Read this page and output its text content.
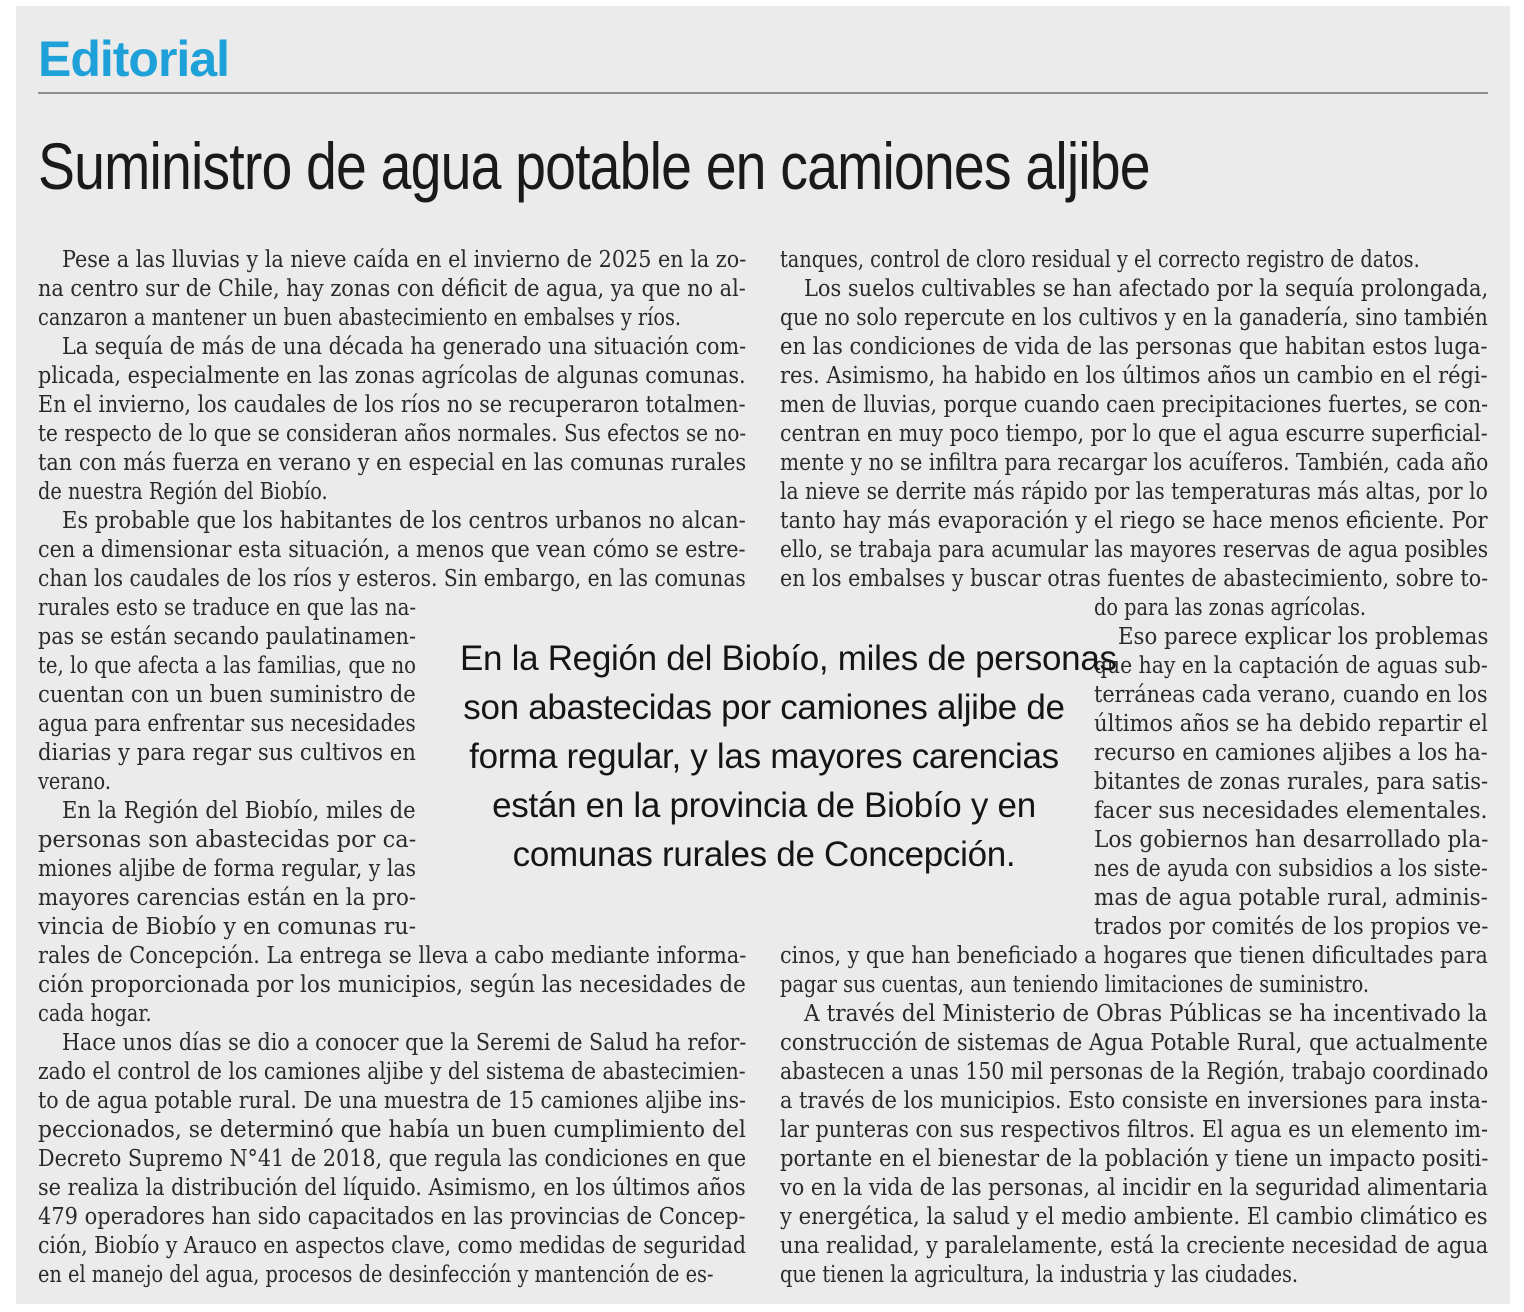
Editorial
Suministro de agua potable en camiones aljibe
Pese a las lluvias y la nieve caída en el invierno de 2025 en la zo-
na centro sur de Chile, hay zonas con déficit de agua, ya que no al-
canzaron a mantener un buen abastecimiento en embalses y ríos.
La sequía de más de una década ha generado una situación com-
plicada, especialmente en las zonas agrícolas de algunas comunas.
En el invierno, los caudales de los ríos no se recuperaron totalmen-
te respecto de lo que se consideran años normales. Sus efectos se no-
tan con más fuerza en verano y en especial en las comunas rurales
de nuestra Región del Biobío.
Es probable que los habitantes de los centros urbanos no alcan-
cen a dimensionar esta situación, a menos que vean cómo se estre-
chan los caudales de los ríos y esteros. Sin embargo, en las comunas
rurales esto se traduce en que las na-
pas se están secando paulatinamen-
te, lo que afecta a las familias, que no
cuentan con un buen suministro de
agua para enfrentar sus necesidades
diarias y para regar sus cultivos en
verano.
En la Región del Biobío, miles de
personas son abastecidas por ca-
miones aljibe de forma regular, y las
mayores carencias están en la pro-
vincia de Biobío y en comunas ru-
rales de Concepción. La entrega se lleva a cabo mediante informa-
ción proporcionada por los municipios, según las necesidades de
cada hogar.
Hace unos días se dio a conocer que la Seremi de Salud ha refor-
zado el control de los camiones aljibe y del sistema de abastecimien-
to de agua potable rural. De una muestra de 15 camiones aljibe ins-
peccionados, se determinó que había un buen cumplimiento del
Decreto Supremo N°41 de 2018, que regula las condiciones en que
se realiza la distribución del líquido. Asimismo, en los últimos años
479 operadores han sido capacitados en las provincias de Concep-
ción, Biobío y Arauco en aspectos clave, como medidas de seguridad
en el manejo del agua, procesos de desinfección y mantención de es-
tanques, control de cloro residual y el correcto registro de datos.
Los suelos cultivables se han afectado por la sequía prolongada,
que no solo repercute en los cultivos y en la ganadería, sino también
en las condiciones de vida de las personas que habitan estos luga-
res. Asimismo, ha habido en los últimos años un cambio en el régi-
men de lluvias, porque cuando caen precipitaciones fuertes, se con-
centran en muy poco tiempo, por lo que el agua escurre superficial-
mente y no se infiltra para recargar los acuíferos. También, cada año
la nieve se derrite más rápido por las temperaturas más altas, por lo
tanto hay más evaporación y el riego se hace menos eficiente. Por
ello, se trabaja para acumular las mayores reservas de agua posibles
en los embalses y buscar otras fuentes de abastecimiento, sobre to-
do para las zonas agrícolas.
Eso parece explicar los problemas
que hay en la captación de aguas sub-
terráneas cada verano, cuando en los
últimos años se ha debido repartir el
recurso en camiones aljibes a los ha-
bitantes de zonas rurales, para satis-
facer sus necesidades elementales.
Los gobiernos han desarrollado pla-
nes de ayuda con subsidios a los siste-
mas de agua potable rural, adminis-
trados por comités de los propios ve-
cinos, y que han beneficiado a hogares que tienen dificultades para
pagar sus cuentas, aun teniendo limitaciones de suministro.
A través del Ministerio de Obras Públicas se ha incentivado la
construcción de sistemas de Agua Potable Rural, que actualmente
abastecen a unas 150 mil personas de la Región, trabajo coordinado
a través de los municipios. Esto consiste en inversiones para insta-
lar punteras con sus respectivos filtros. El agua es un elemento im-
portante en el bienestar de la población y tiene un impacto positi-
vo en la vida de las personas, al incidir en la seguridad alimentaria
y energética, la salud y el medio ambiente. El cambio climático es
una realidad, y paralelamente, está la creciente necesidad de agua
que tienen la agricultura, la industria y las ciudades.
En la Región del Biobío, miles de personas
son abastecidas por camiones aljibe de
forma regular, y las mayores carencias
están en la provincia de Biobío y en
comunas rurales de Concepción.
